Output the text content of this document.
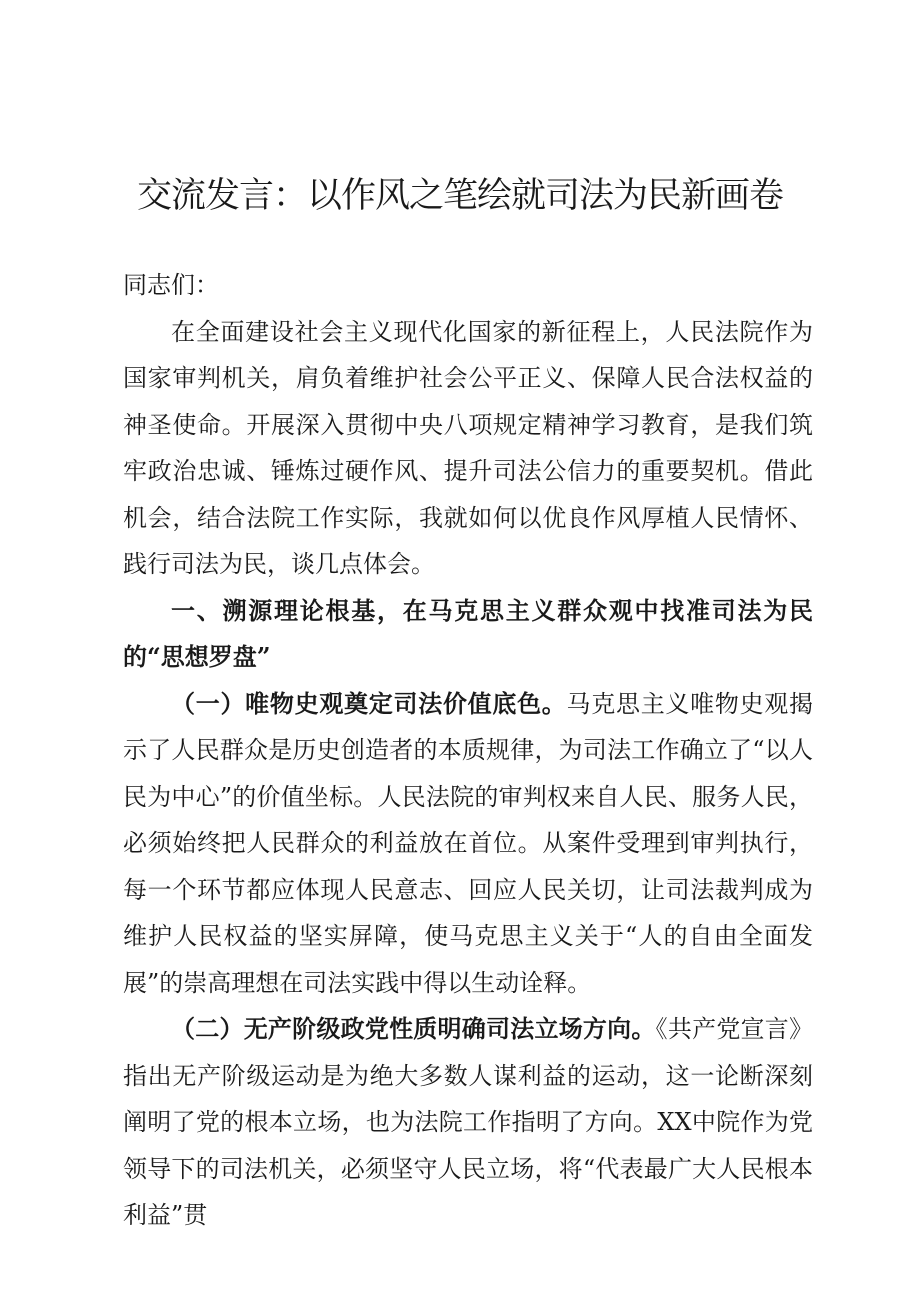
交流发言：以作风之笔绘就司法为民新画卷

同志们：

在全面建设社会主义现代化国家的新征程上，人民法院作为国家审判机关，肩负着维护社会公平正义、保障人民合法权益的神圣使命。开展深入贯彻中央八项规定精神学习教育，是我们筑牢政治忠诚、锤炼过硬作风、提升司法公信力的重要契机。借此机会，结合法院工作实际，我就如何以优良作风厚植人民情怀、践行司法为民，谈几点体会。

一、溯源理论根基，在马克思主义群众观中找准司法为民的“思想罗盘”

（一）唯物史观奠定司法价值底色。马克思主义唯物史观揭示了人民群众是历史创造者的本质规律，为司法工作确立了“以人民为中心”的价值坐标。人民法院的审判权来自人民、服务人民，必须始终把人民群众的利益放在首位。从案件受理到审判执行，每一个环节都应体现人民意志、回应人民关切，让司法裁判成为维护人民权益的坚实屏障，使马克思主义关于“人的自由全面发展”的崇高理想在司法实践中得以生动诠释。

（二）无产阶级政党性质明确司法立场方向。《共产党宣言》指出无产阶级运动是为绝大多数人谋利益的运动，这一论断深刻阐明了党的根本立场，也为法院工作指明了方向。XX中院作为党领导下的司法机关，必须坚守人民立场，将“代表最广大人民根本利益”贯
